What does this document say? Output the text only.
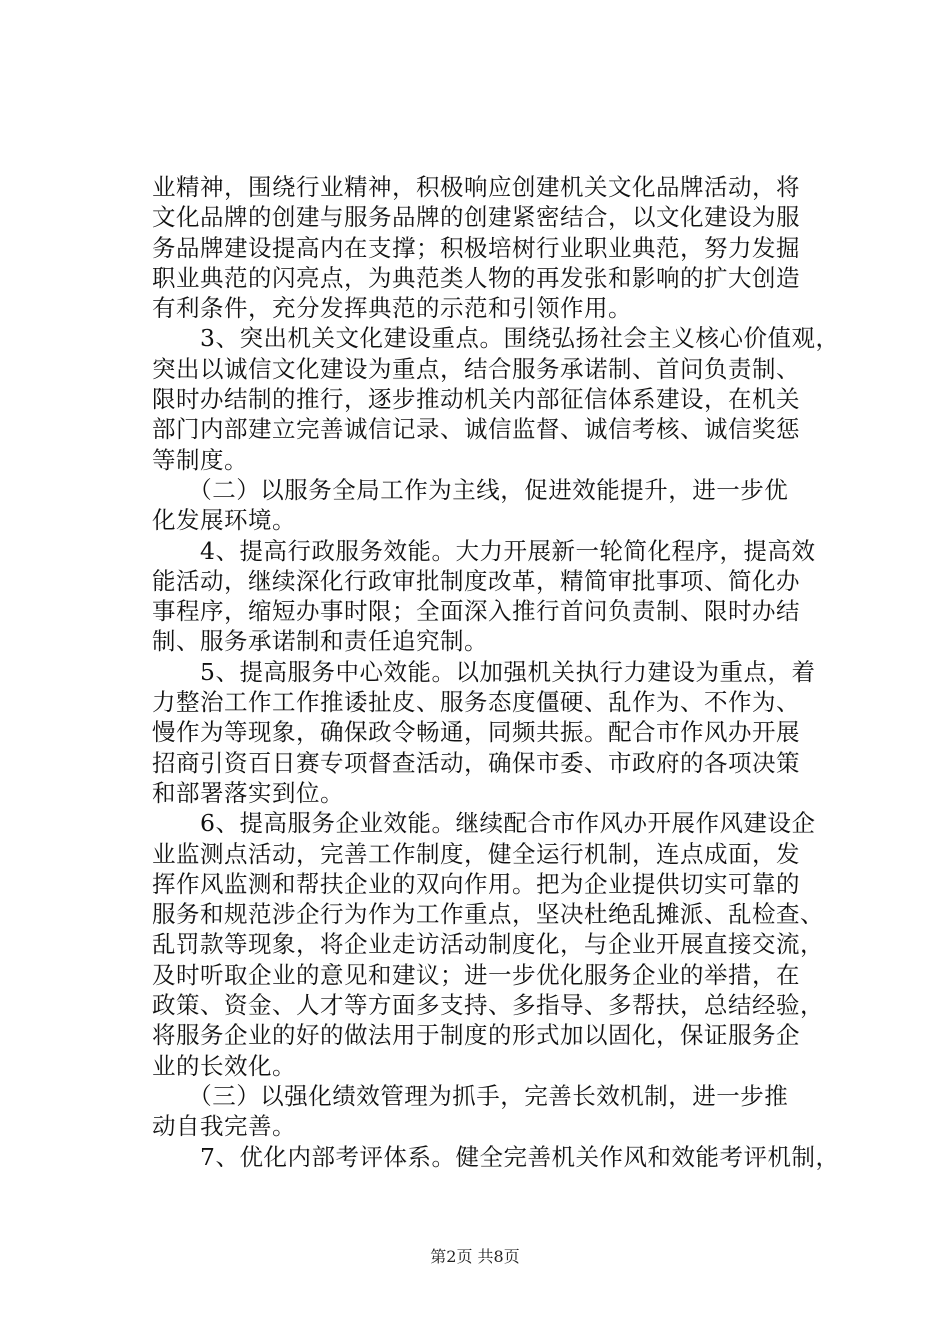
业精神，围绕行业精神，积极响应创建机关文化品牌活动，将
文化品牌的创建与服务品牌的创建紧密结合，以文化建设为服
务品牌建设提高内在支撑；积极培树行业职业典范，努力发掘
职业典范的闪亮点，为典范类人物的再发张和影响的扩大创造
有利条件，充分发挥典范的示范和引领作用。
　　3、突出机关文化建设重点。围绕弘扬社会主义核心价值观，
突出以诚信文化建设为重点，结合服务承诺制、首问负责制、
限时办结制的推行，逐步推动机关内部征信体系建设，在机关
部门内部建立完善诚信记录、诚信监督、诚信考核、诚信奖惩
等制度。
　　（二）以服务全局工作为主线，促进效能提升，进一步优
化发展环境。
　　4、提高行政服务效能。大力开展新一轮简化程序，提高效
能活动，继续深化行政审批制度改革，精简审批事项、简化办
事程序，缩短办事时限；全面深入推行首问负责制、限时办结
制、服务承诺制和责任追究制。
　　5、提高服务中心效能。以加强机关执行力建设为重点，着
力整治工作工作推诿扯皮、服务态度僵硬、乱作为、不作为、
慢作为等现象，确保政令畅通，同频共振。配合市作风办开展
招商引资百日赛专项督查活动，确保市委、市政府的各项决策
和部署落实到位。
　　6、提高服务企业效能。继续配合市作风办开展作风建设企
业监测点活动，完善工作制度，健全运行机制，连点成面，发
挥作风监测和帮扶企业的双向作用。把为企业提供切实可靠的
服务和规范涉企行为作为工作重点，坚决杜绝乱摊派、乱检查、
乱罚款等现象，将企业走访活动制度化，与企业开展直接交流，
及时听取企业的意见和建议；进一步优化服务企业的举措，在
政策、资金、人才等方面多支持、多指导、多帮扶，总结经验，
将服务企业的好的做法用于制度的形式加以固化，保证服务企
业的长效化。
　　（三）以强化绩效管理为抓手，完善长效机制，进一步推
动自我完善。
　　7、优化内部考评体系。健全完善机关作风和效能考评机制，
第2页 共8页
